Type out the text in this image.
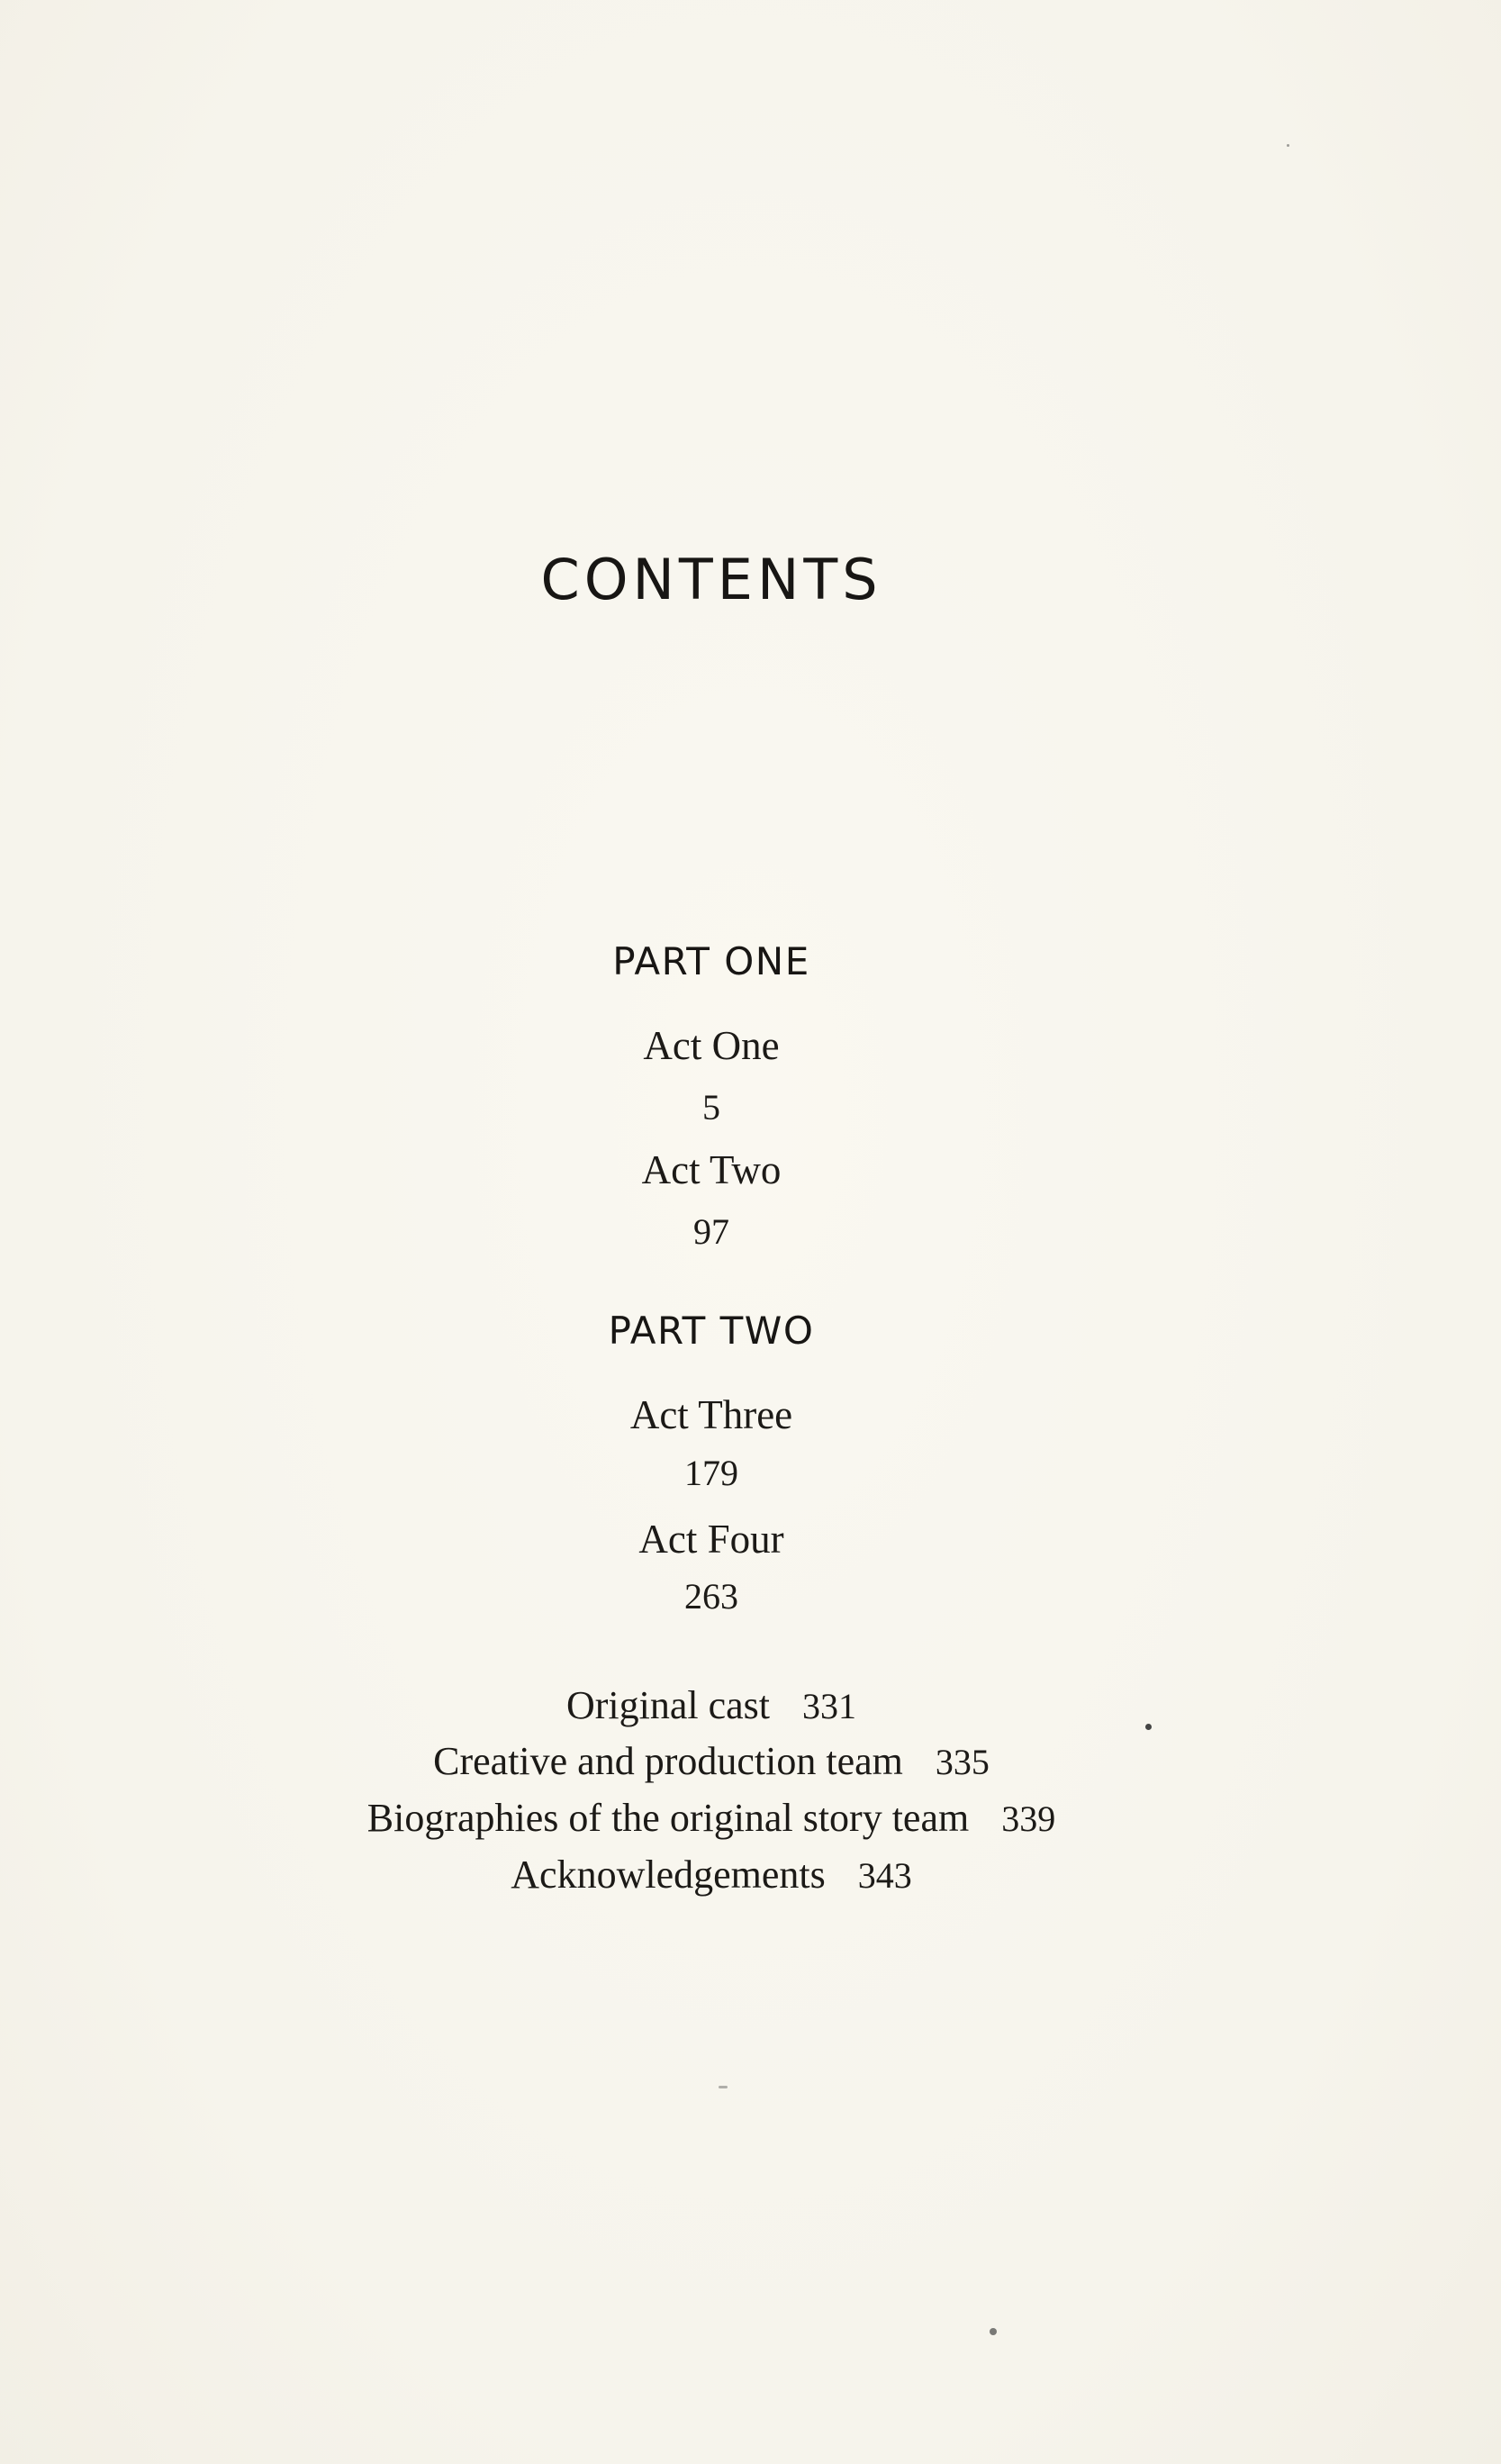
CONTENTS
PART ONE
Act One
5
Act Two
97
PART TWO
Act Three
179
Act Four
263
Original cast 331
Creative and production team 335
Biographies of the original story team 339
Acknowledgements 343
